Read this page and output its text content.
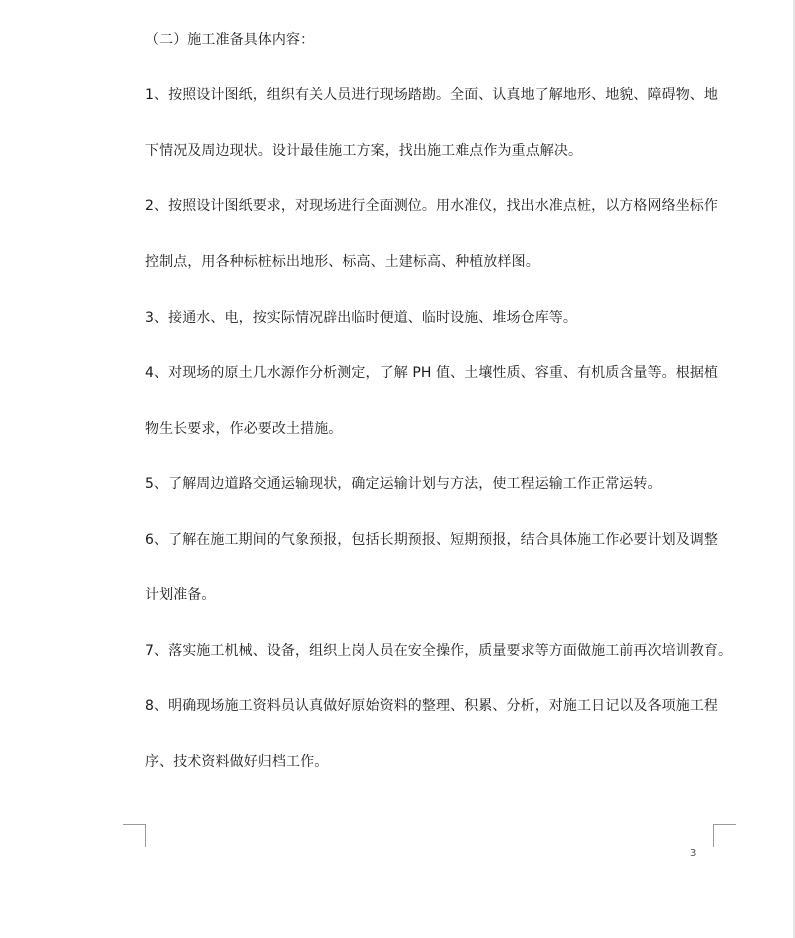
（二）施工准备具体内容：
1、按照设计图纸，组织有关人员进行现场踏勘。全面、认真地了解地形、地貌、障碍物、地
下情况及周边现状。设计最佳施工方案，找出施工难点作为重点解决。
2、按照设计图纸要求，对现场进行全面测位。用水准仪，找出水准点桩，以方格网络坐标作
控制点，用各种标桩标出地形、标高、土建标高、种植放样图。
3、接通水、电，按实际情况辟出临时便道、临时设施、堆场仓库等。
4、对现场的原土几水源作分析测定，了解 PH 值、土壤性质、容重、有机质含量等。根据植
物生长要求，作必要改土措施。
5、了解周边道路交通运输现状，确定运输计划与方法，使工程运输工作正常运转。
6、了解在施工期间的气象预报，包括长期预报、短期预报，结合具体施工作必要计划及调整
计划准备。
7、落实施工机械、设备，组织上岗人员在安全操作，质量要求等方面做施工前再次培训教育。
8、明确现场施工资料员认真做好原始资料的整理、积累、分析，对施工日记以及各项施工程
序、技术资料做好归档工作。
3
